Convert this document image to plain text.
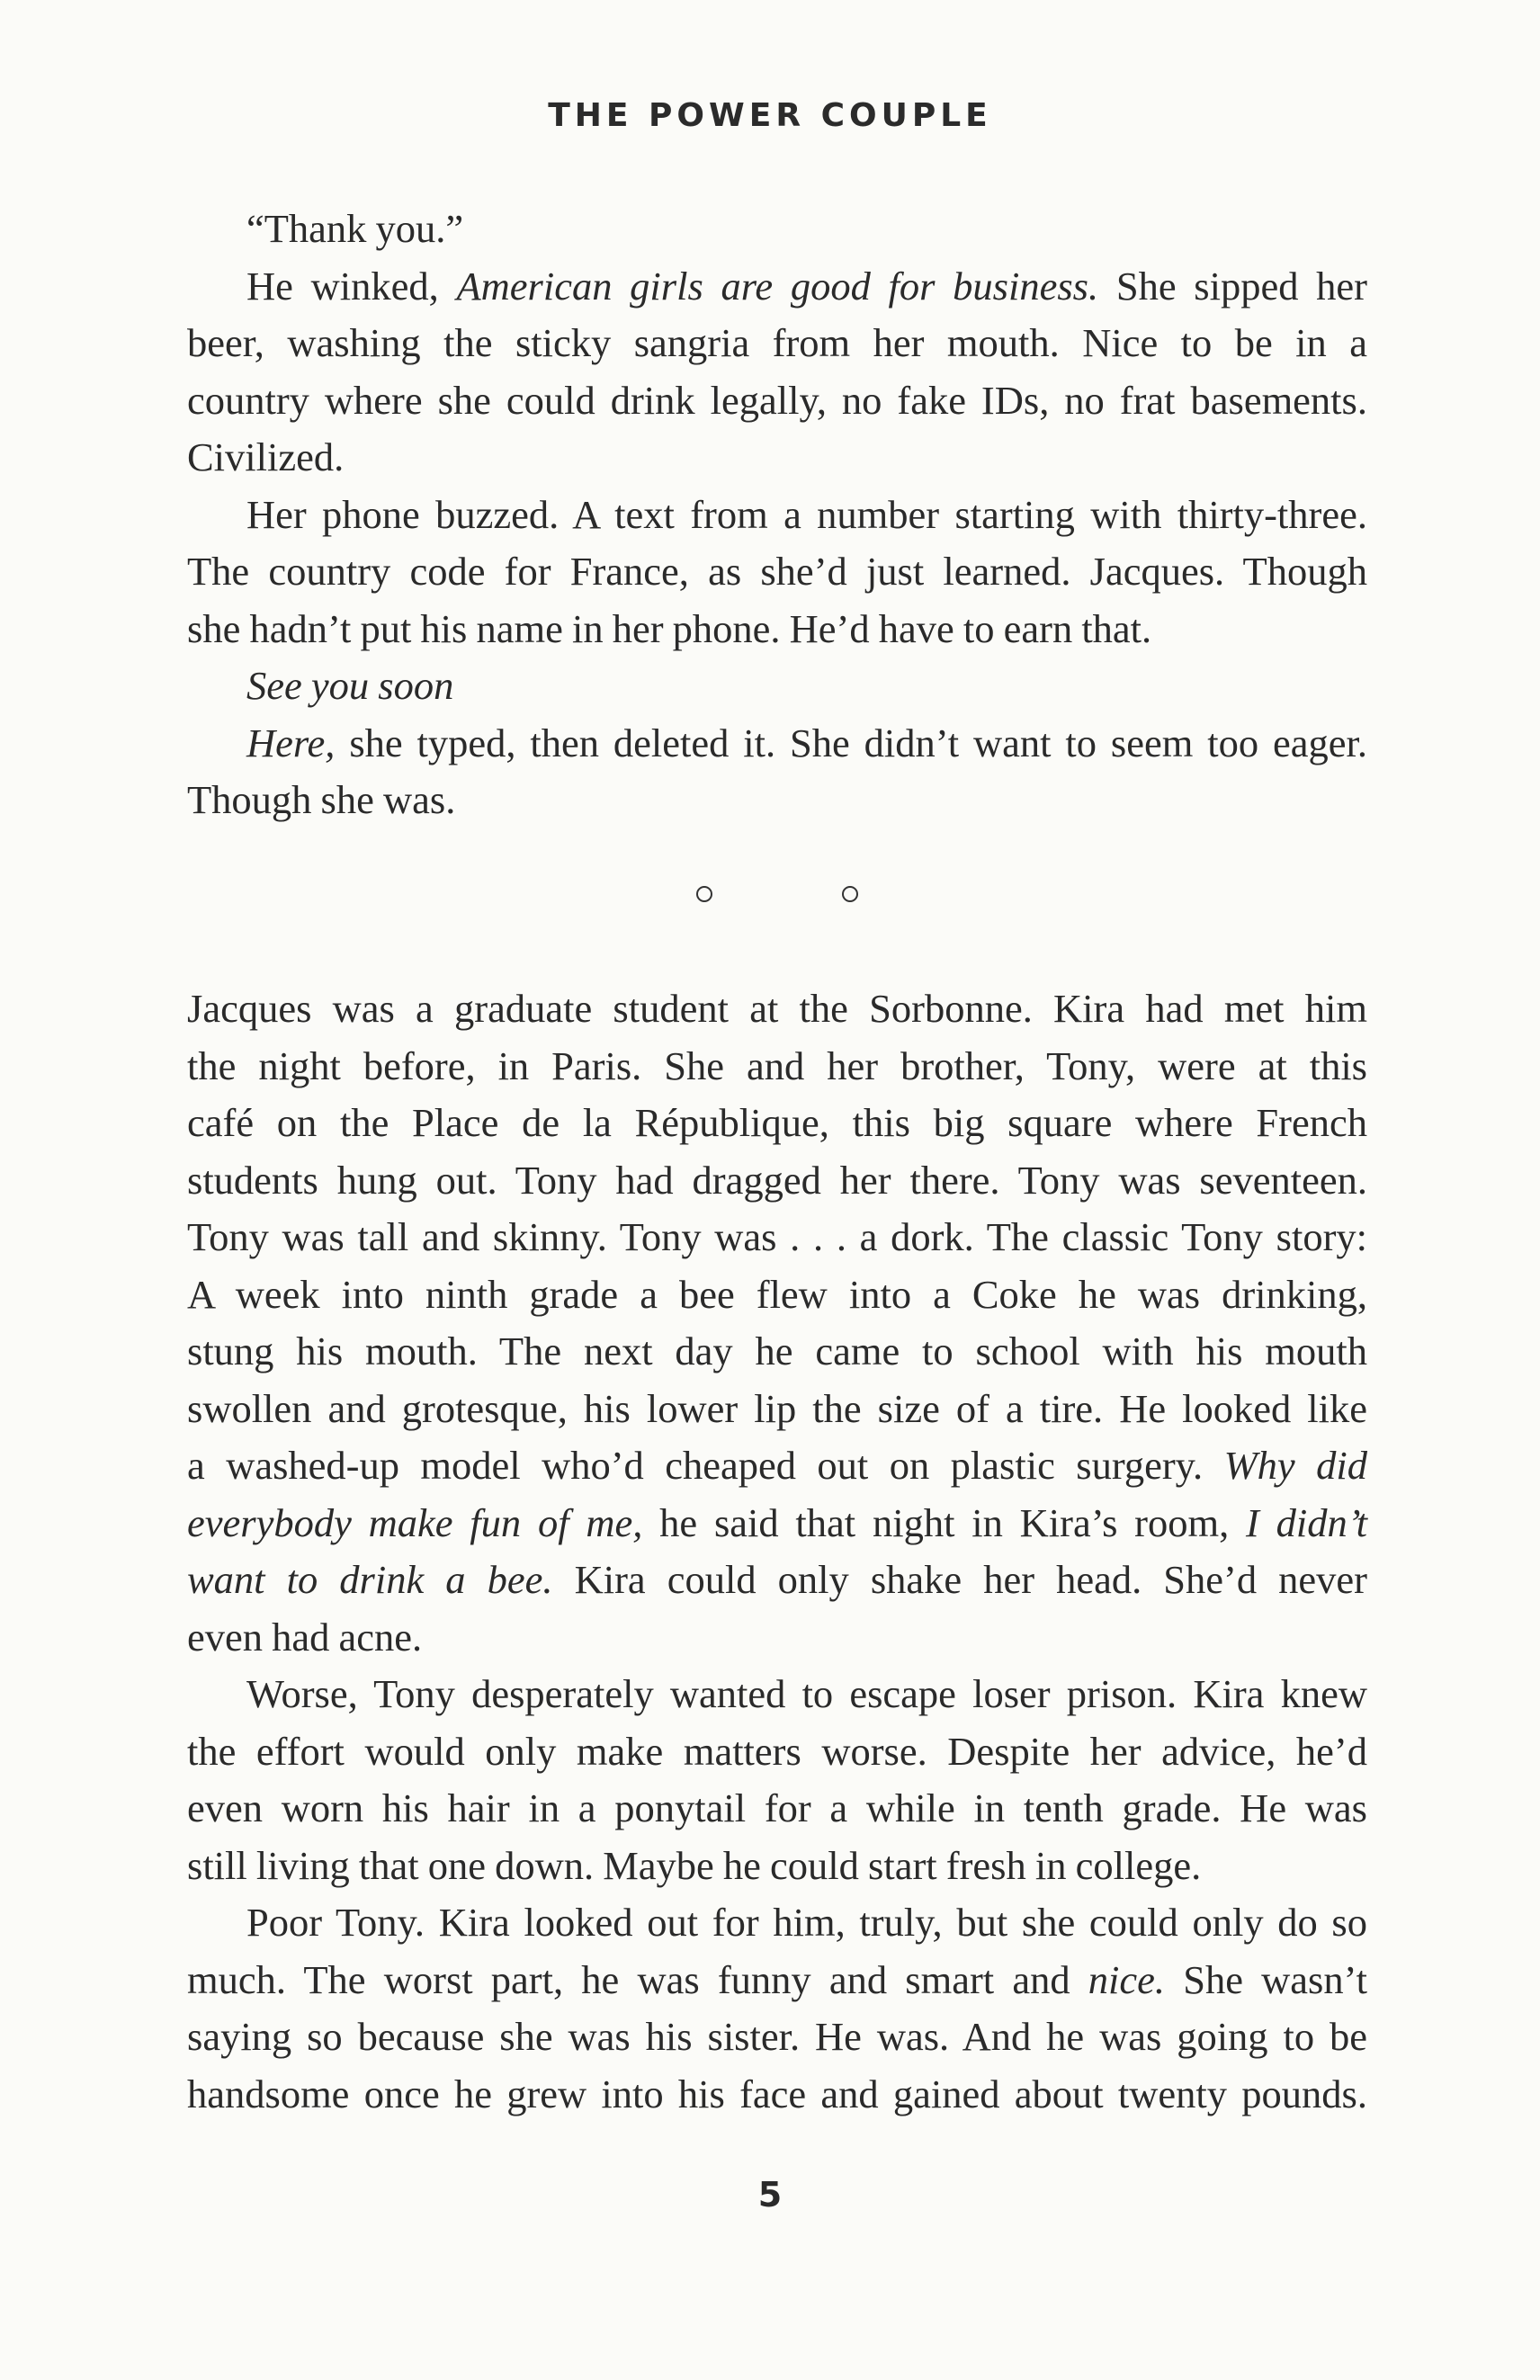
THE POWER COUPLE
“Thank you.”
He winked, American girls are good for business. She sipped her
beer, washing the sticky sangria from her mouth. Nice to be in a
country where she could drink legally, no fake IDs, no frat basements.
Civilized.
Her phone buzzed. A text from a number starting with thirty-three.
The country code for France, as she’d just learned. Jacques. Though
she hadn’t put his name in her phone. He’d have to earn that.
See you soon
Here, she typed, then deleted it. She didn’t want to seem too eager.
Though she was.
Jacques was a graduate student at the Sorbonne. Kira had met him
the night before, in Paris. She and her brother, Tony, were at this
café on the Place de la République, this big square where French
students hung out. Tony had dragged her there. Tony was seventeen.
Tony was tall and skinny. Tony was . . . a dork. The classic Tony story:
A week into ninth grade a bee flew into a Coke he was drinking,
stung his mouth. The next day he came to school with his mouth
swollen and grotesque, his lower lip the size of a tire. He looked like
a washed-up model who’d cheaped out on plastic surgery. Why did
everybody make fun of me, he said that night in Kira’s room, I didn’t
want to drink a bee. Kira could only shake her head. She’d never
even had acne.
Worse, Tony desperately wanted to escape loser prison. Kira knew
the effort would only make matters worse. Despite her advice, he’d
even worn his hair in a ponytail for a while in tenth grade. He was
still living that one down. Maybe he could start fresh in college.
Poor Tony. Kira looked out for him, truly, but she could only do so
much. The worst part, he was funny and smart and nice. She wasn’t
saying so because she was his sister. He was. And he was going to be
handsome once he grew into his face and gained about twenty pounds.
5
